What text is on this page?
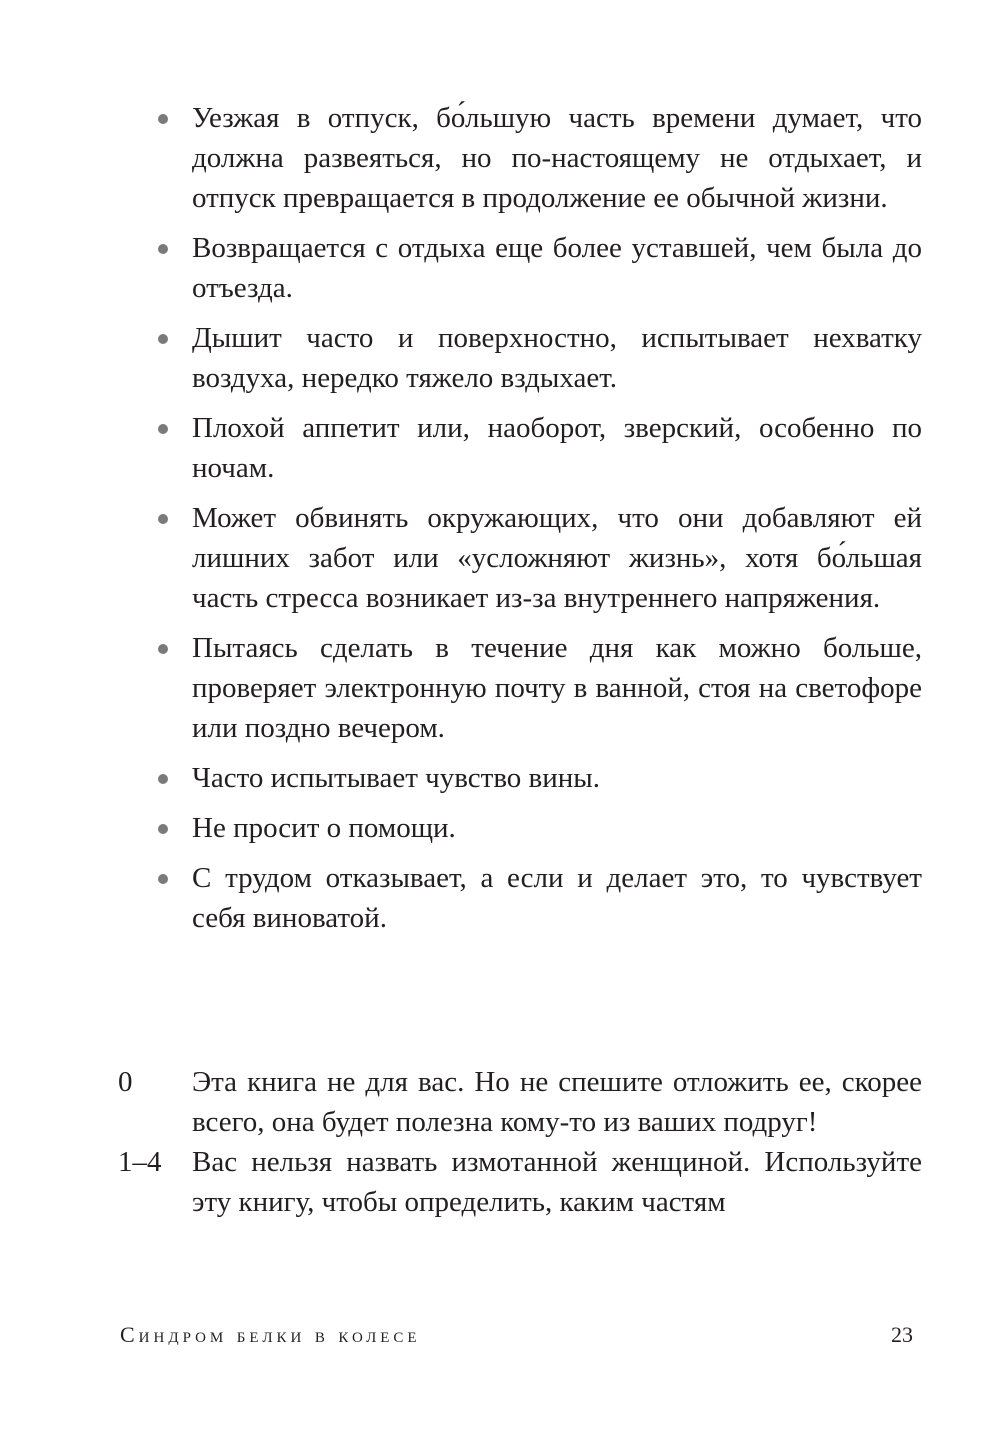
Уезжая в отпуск, бо́льшую часть времени думает, что должна развеяться, но по-настоящему не отдыхает, и отпуск превращается в продолжение ее обычной жизни.
Возвращается с отдыха еще более уставшей, чем была до отъезда.
Дышит часто и поверхностно, испытывает нехватку воздуха, нередко тяжело вздыхает.
Плохой аппетит или, наоборот, зверский, особенно по ночам.
Может обвинять окружающих, что они добавляют ей лишних забот или «усложняют жизнь», хотя бо́льшая часть стресса возникает из-за внутреннего напряжения.
Пытаясь сделать в течение дня как можно больше, проверяет электронную почту в ванной, стоя на светофоре или поздно вечером.
Часто испытывает чувство вины.
Не просит о помощи.
С трудом отказывает, а если и делает это, то чувствует себя виноватой.
0 Эта книга не для вас. Но не спешите отложить ее, скорее всего, она будет полезна кому-то из ваших подруг!
1–4 Вас нельзя назвать измотанной женщиной. Используйте эту книгу, чтобы определить, каким частям
Синдром белки в колесе	23
